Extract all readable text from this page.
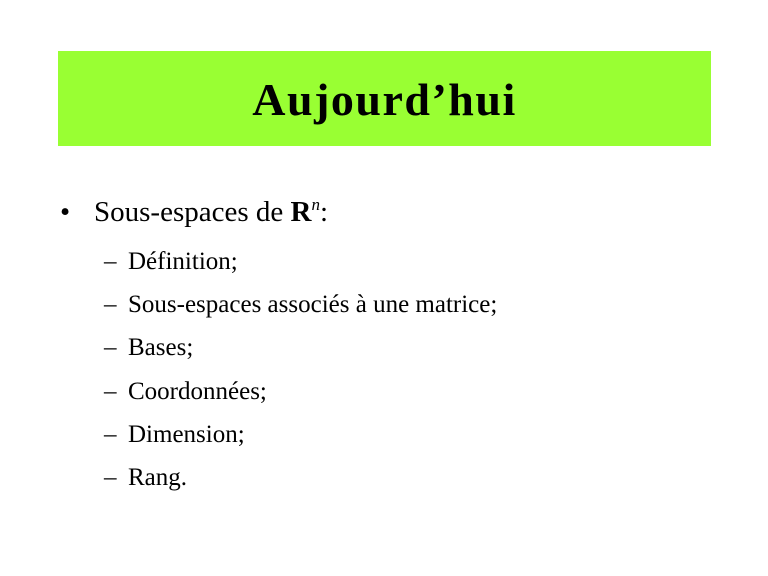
Aujourd’hui
• Sous-espaces de $R^n$:
– Définition;
– Sous-espaces associés à une matrice;
– Bases;
– Coordonnées;
– Dimension;
– Rang.
